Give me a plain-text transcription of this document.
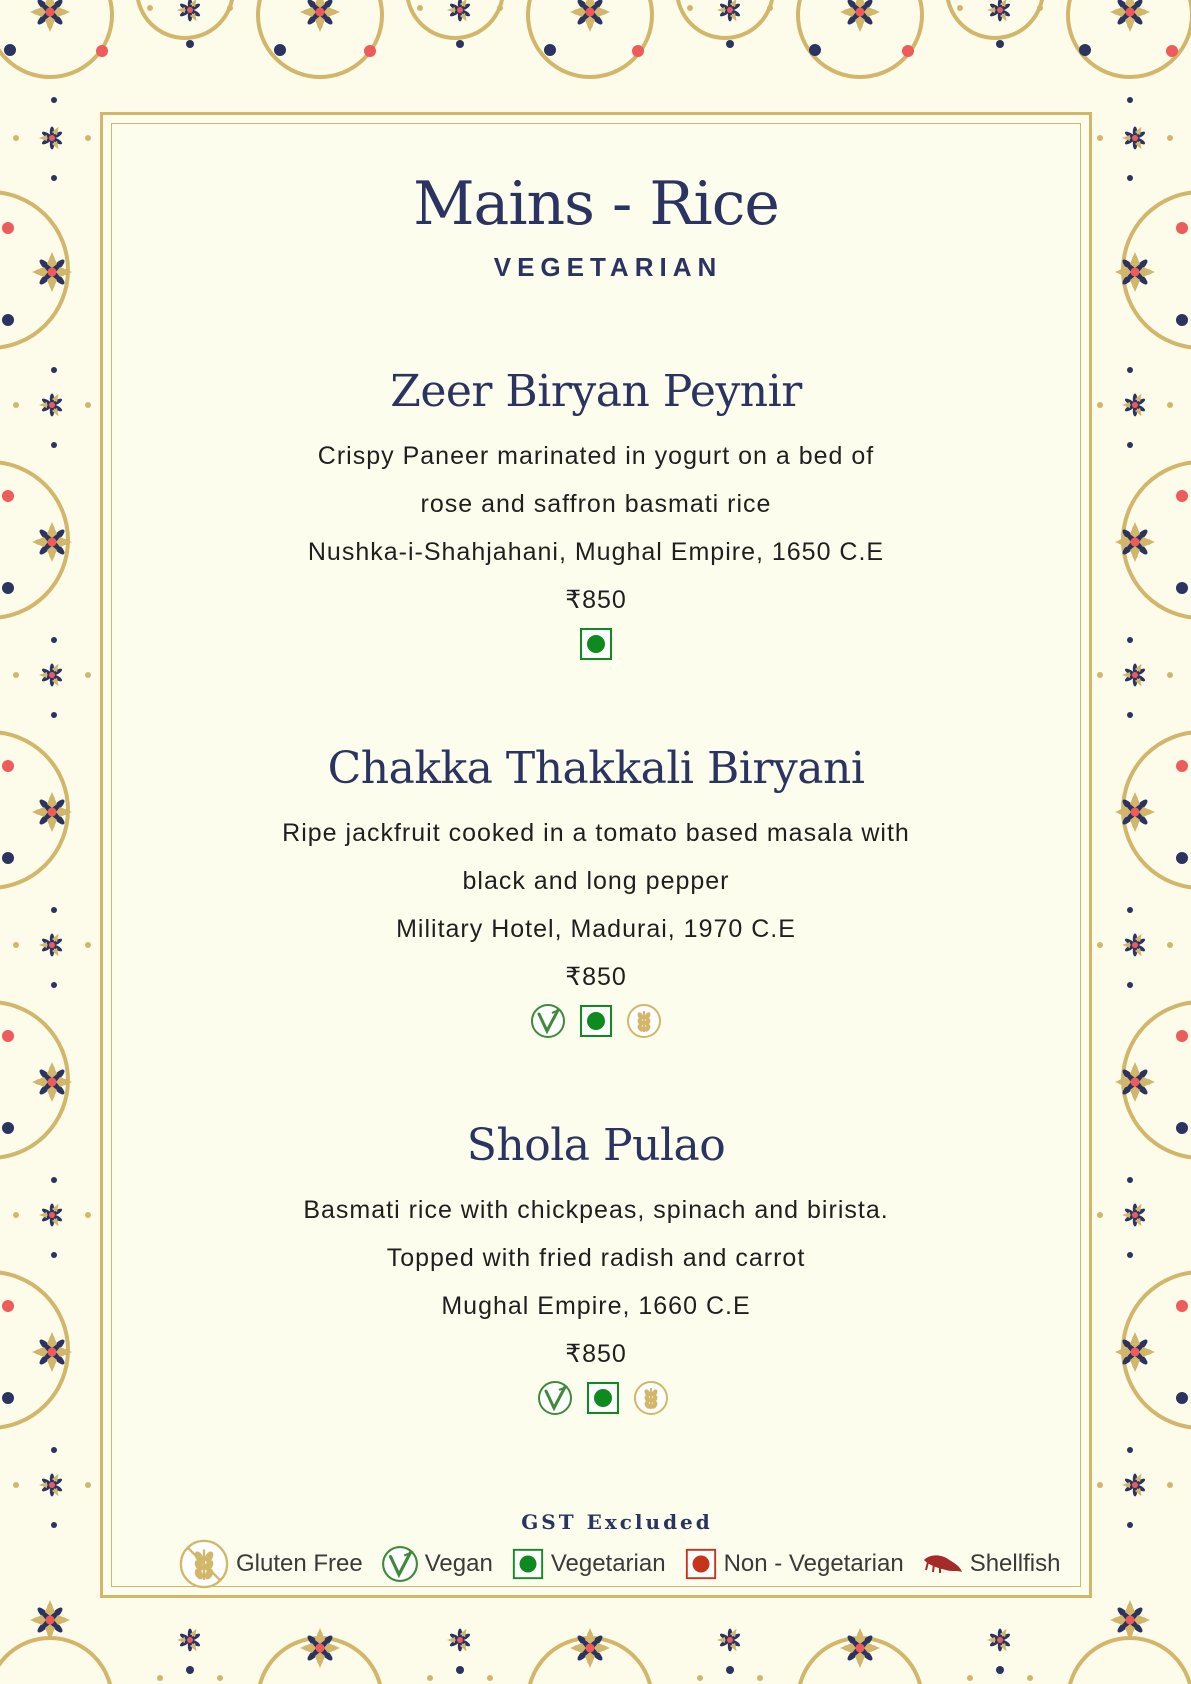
Mains - Rice
VEGETARIAN
Zeer Biryan Peynir
Crispy Paneer marinated in yogurt on a bed of
rose and saffron basmati rice
Nushka-i-Shahjahani, Mughal Empire, 1650 C.E
₹850
Chakka Thakkali Biryani
Ripe jackfruit cooked in a tomato based masala with
black and long pepper
Military Hotel, Madurai, 1970 C.E
₹850
Shola Pulao
Basmati rice with chickpeas, spinach and birista.
Topped with fried radish and carrot
Mughal Empire, 1660 C.E
₹850
GST Excluded
Gluten Free	Vegan Vegetarian Non - Vegetarian	Shellfish
